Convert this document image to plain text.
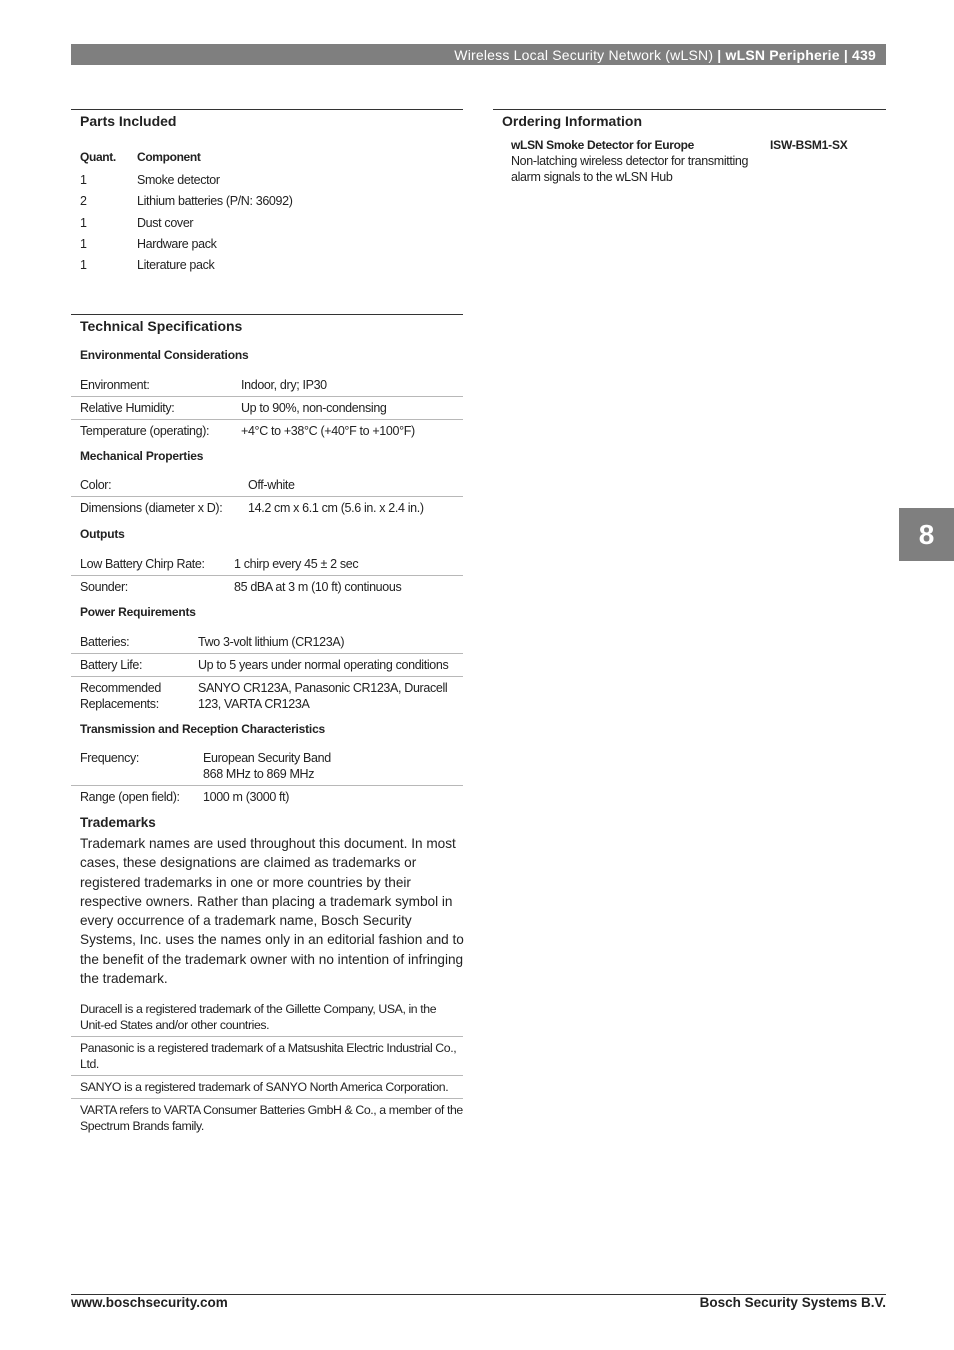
Wireless Local Security Network (wLSN)
| wLSN Peripherie | 439
8
Parts Included
Quant.	Component
1	Smoke detector
2	Lithium batteries (P/N: 36092)
1	Dust cover
1	Hardware pack
1	Literature pack
Technical Specifications
Environmental Considerations
Environment:	Indoor, dry; IP30
Relative Humidity:	Up to 90%, non-condensing
Temperature (operating):	+4°C to +38°C (+40°F to +100°F)
Mechanical Properties
Color:	Off-white
Dimensions (diameter x D):	14.2 cm x 6.1 cm (5.6 in. x 2.4 in.)
Outputs
Low Battery Chirp Rate:	1 chirp every 45 ± 2 sec
Sounder:	85 dBA at 3 m (10 ft) continuous
Power Requirements
Batteries:	Two 3-volt lithium (CR123A)
Battery Life:	Up to 5 years under normal operating conditions
Recommended Replacements:
SANYO CR123A, Panasonic CR123A, Duracell 123, VARTA CR123A
Transmission and Reception Characteristics
Frequency:	European Security Band
868 MHz to 869 MHz
Range (open field):	1000 m (3000 ft)
Trademarks
Trademark names are used throughout this document. In most cases, these designations are claimed as trademarks or registered trademarks in one or more countries by their respective owners. Rather than placing a trademark symbol in every occurrence of a trademark name, Bosch Security Systems, Inc. uses the names only in an editorial fashion and to the benefit of the trademark owner with no intention of infringing the trademark.
Duracell is a registered trademark of the Gillette Company, USA, in the Unit-ed States and/or other countries.
Panasonic is a registered trademark of a Matsushita Electric Industrial Co., Ltd.
SANYO is a registered trademark of SANYO North America Corporation.
VARTA refers to VARTA Consumer Batteries GmbH & Co., a member of the Spectrum Brands family.
Ordering Information
wLSN Smoke Detector for Europe	ISW-BSM1-SX
Non-latching wireless detector for transmitting alarm signals to the wLSN Hub
www.boschsecurity.com	Bosch Security Systems B.V.
